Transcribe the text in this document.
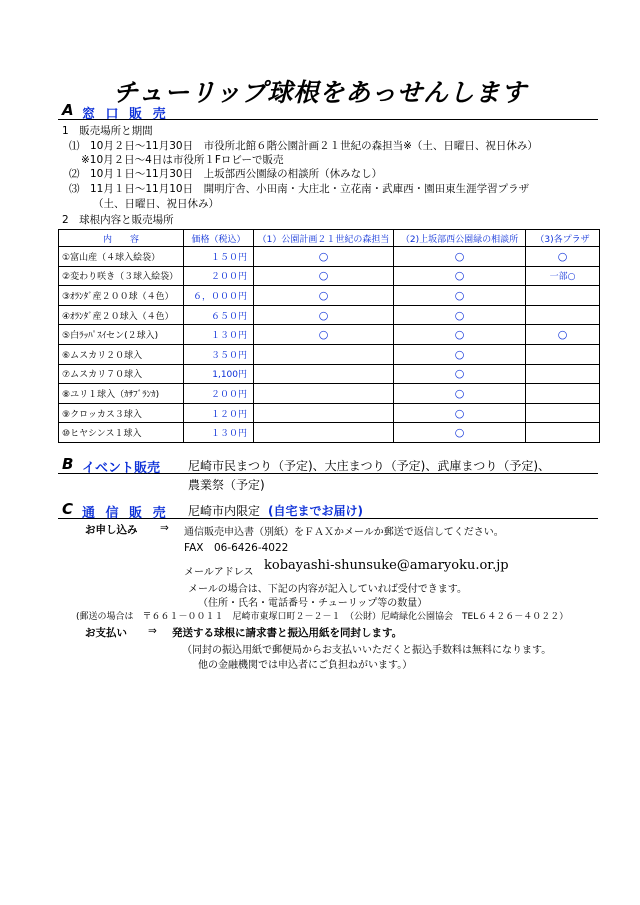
チューリップ球根をあっせんします
A 窓 口 販 売
1　販売場所と期間
⑴　10月２日～11月30日　市役所北館６階公園計画２１世紀の森担当※（土、日曜日、祝日休み）
※10月２日～4日は市役所１Fロビーで販売
⑵　10月１日～11月30日　上坂部西公園緑の相談所（休みなし）
⑶　11月１日～11月10日　開明庁舎、小田南・大庄北・立花南・武庫西・園田東生涯学習プラザ
（土、日曜日、祝日休み）
2　球根内容と販売場所
内　　容	価格（税込）	（1）公園計画２１世紀の森担当	（2)上坂部西公園緑の相談所	（3)各プラザ
①富山産（４球入絵袋）	１５０円	○	○	○
②変わり咲き（３球入絵袋）	２００円	○	○	一部○
③ｵﾗﾝﾀﾞ産２００球（４色）	６，０００円	○	○	
④ｵﾗﾝﾀﾞ産２０球入（４色）	６５０円	○	○	
⑤白ﾗｯﾊﾟｽｲセン(２球入)	１３０円	○	○	○
⑥ムスカリ２０球入	３５０円		○	
⑦ムスカリ７０球入	1,100円		○	
⑧ユリ１球入（ｶｻﾌﾞﾗﾝｶ)	２００円		○	
⑨クロッカス３球入	１２０円		○	
⑩ヒヤシンス１球入	１３０円		○	
B イベント販売 尼崎市民まつり（予定)、大庄まつり（予定)、武庫まつり（予定)、
農業祭（予定)
C 通 信 販 売 尼崎市内限定 (自宅までお届け)
お申し込み ⇒ 通信販売申込書（別紙）をＦＡＸかメールか郵送で返信してください。
FAX　06-6426-4022
メールアドレス kobayashi-shunsuke@amaryoku.or.jp
メールの場合は、下記の内容が記入していれば受付できます。
（住所・氏名・電話番号・チューリップ等の数量）
(郵送の場合は　〒６６１－００１１　尼崎市東塚口町２－２－１　（公財）尼崎緑化公園協会　TEL６４２６－４０２２）
お支払い ⇒ 発送する球根に請求書と振込用紙を同封します。
（同封の振込用紙で郵便局からお支払いいただくと振込手数料は無料になります。
他の金融機関では申込者にご負担ねがいます。）
